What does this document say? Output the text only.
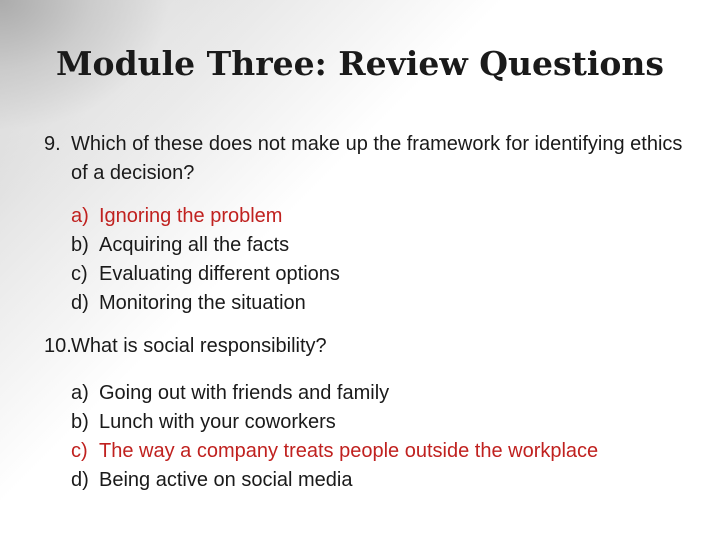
Module Three: Review Questions
9. Which of these does not make up the framework for identifying ethics of a decision?
a) Ignoring the problem
b) Acquiring all the facts
c) Evaluating different options
d) Monitoring the situation
10. What is social responsibility?
a) Going out with friends and family
b) Lunch with your coworkers
c) The way a company treats people outside the workplace
d) Being active on social media
